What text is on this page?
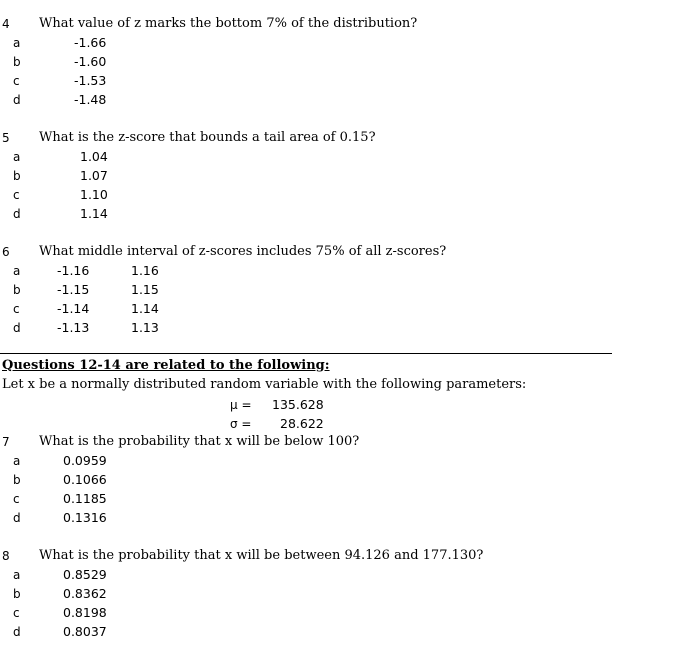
4 What value of z marks the bottom 7% of the distribution?
a	-1.66
b	-1.60
c	-1.53
d	-1.48
5 What is the z-score that bounds a tail area of 0.15?
a	1.04
b	1.07
c	1.10
d	1.14
6 What middle interval of z-scores includes 75% of all z-scores?
a	-1.16	1.16
b	-1.15	1.15
c	-1.14	1.14
d	-1.13	1.13
Questions 12-14 are related to the following:
Let x be a normally distributed random variable with the following parameters:
μ = 135.628
σ = 28.622
7 What is the probability that x will be below 100?
a	0.0959
b	0.1066
c	0.1185
d	0.1316
8 What is the probability that x will be between 94.126 and 177.130?
a	0.8529
b	0.8362
c	0.8198
d	0.8037
